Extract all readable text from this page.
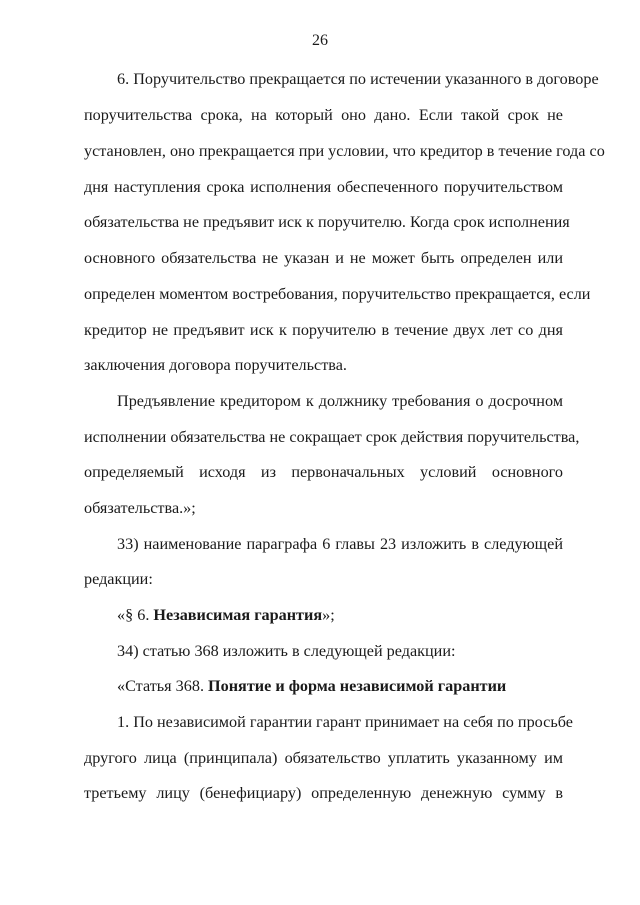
26
6. Поручительство прекращается по истечении указанного в договоре
поручительства срока, на который оно дано. Если такой срок не
установлен, оно прекращается при условии, что кредитор в течение года со
дня наступления срока исполнения обеспеченного поручительством
обязательства не предъявит иск к поручителю. Когда срок исполнения
основного обязательства не указан и не может быть определен или
определен моментом востребования, поручительство прекращается, если
кредитор не предъявит иск к поручителю в течение двух лет со дня
заключения договора поручительства.
Предъявление кредитором к должнику требования о досрочном
исполнении обязательства не сокращает срок действия поручительства,
определяемый исходя из первоначальных условий основного
обязательства.»;
33) наименование параграфа 6 главы 23 изложить в следующей
редакции:
«§ 6. Независимая гарантия»;
34) статью 368 изложить в следующей редакции:
«Статья 368. Понятие и форма независимой гарантии
1. По независимой гарантии гарант принимает на себя по просьбе
другого лица (принципала) обязательство уплатить указанному им
третьему лицу (бенефициару) определенную денежную сумму в
